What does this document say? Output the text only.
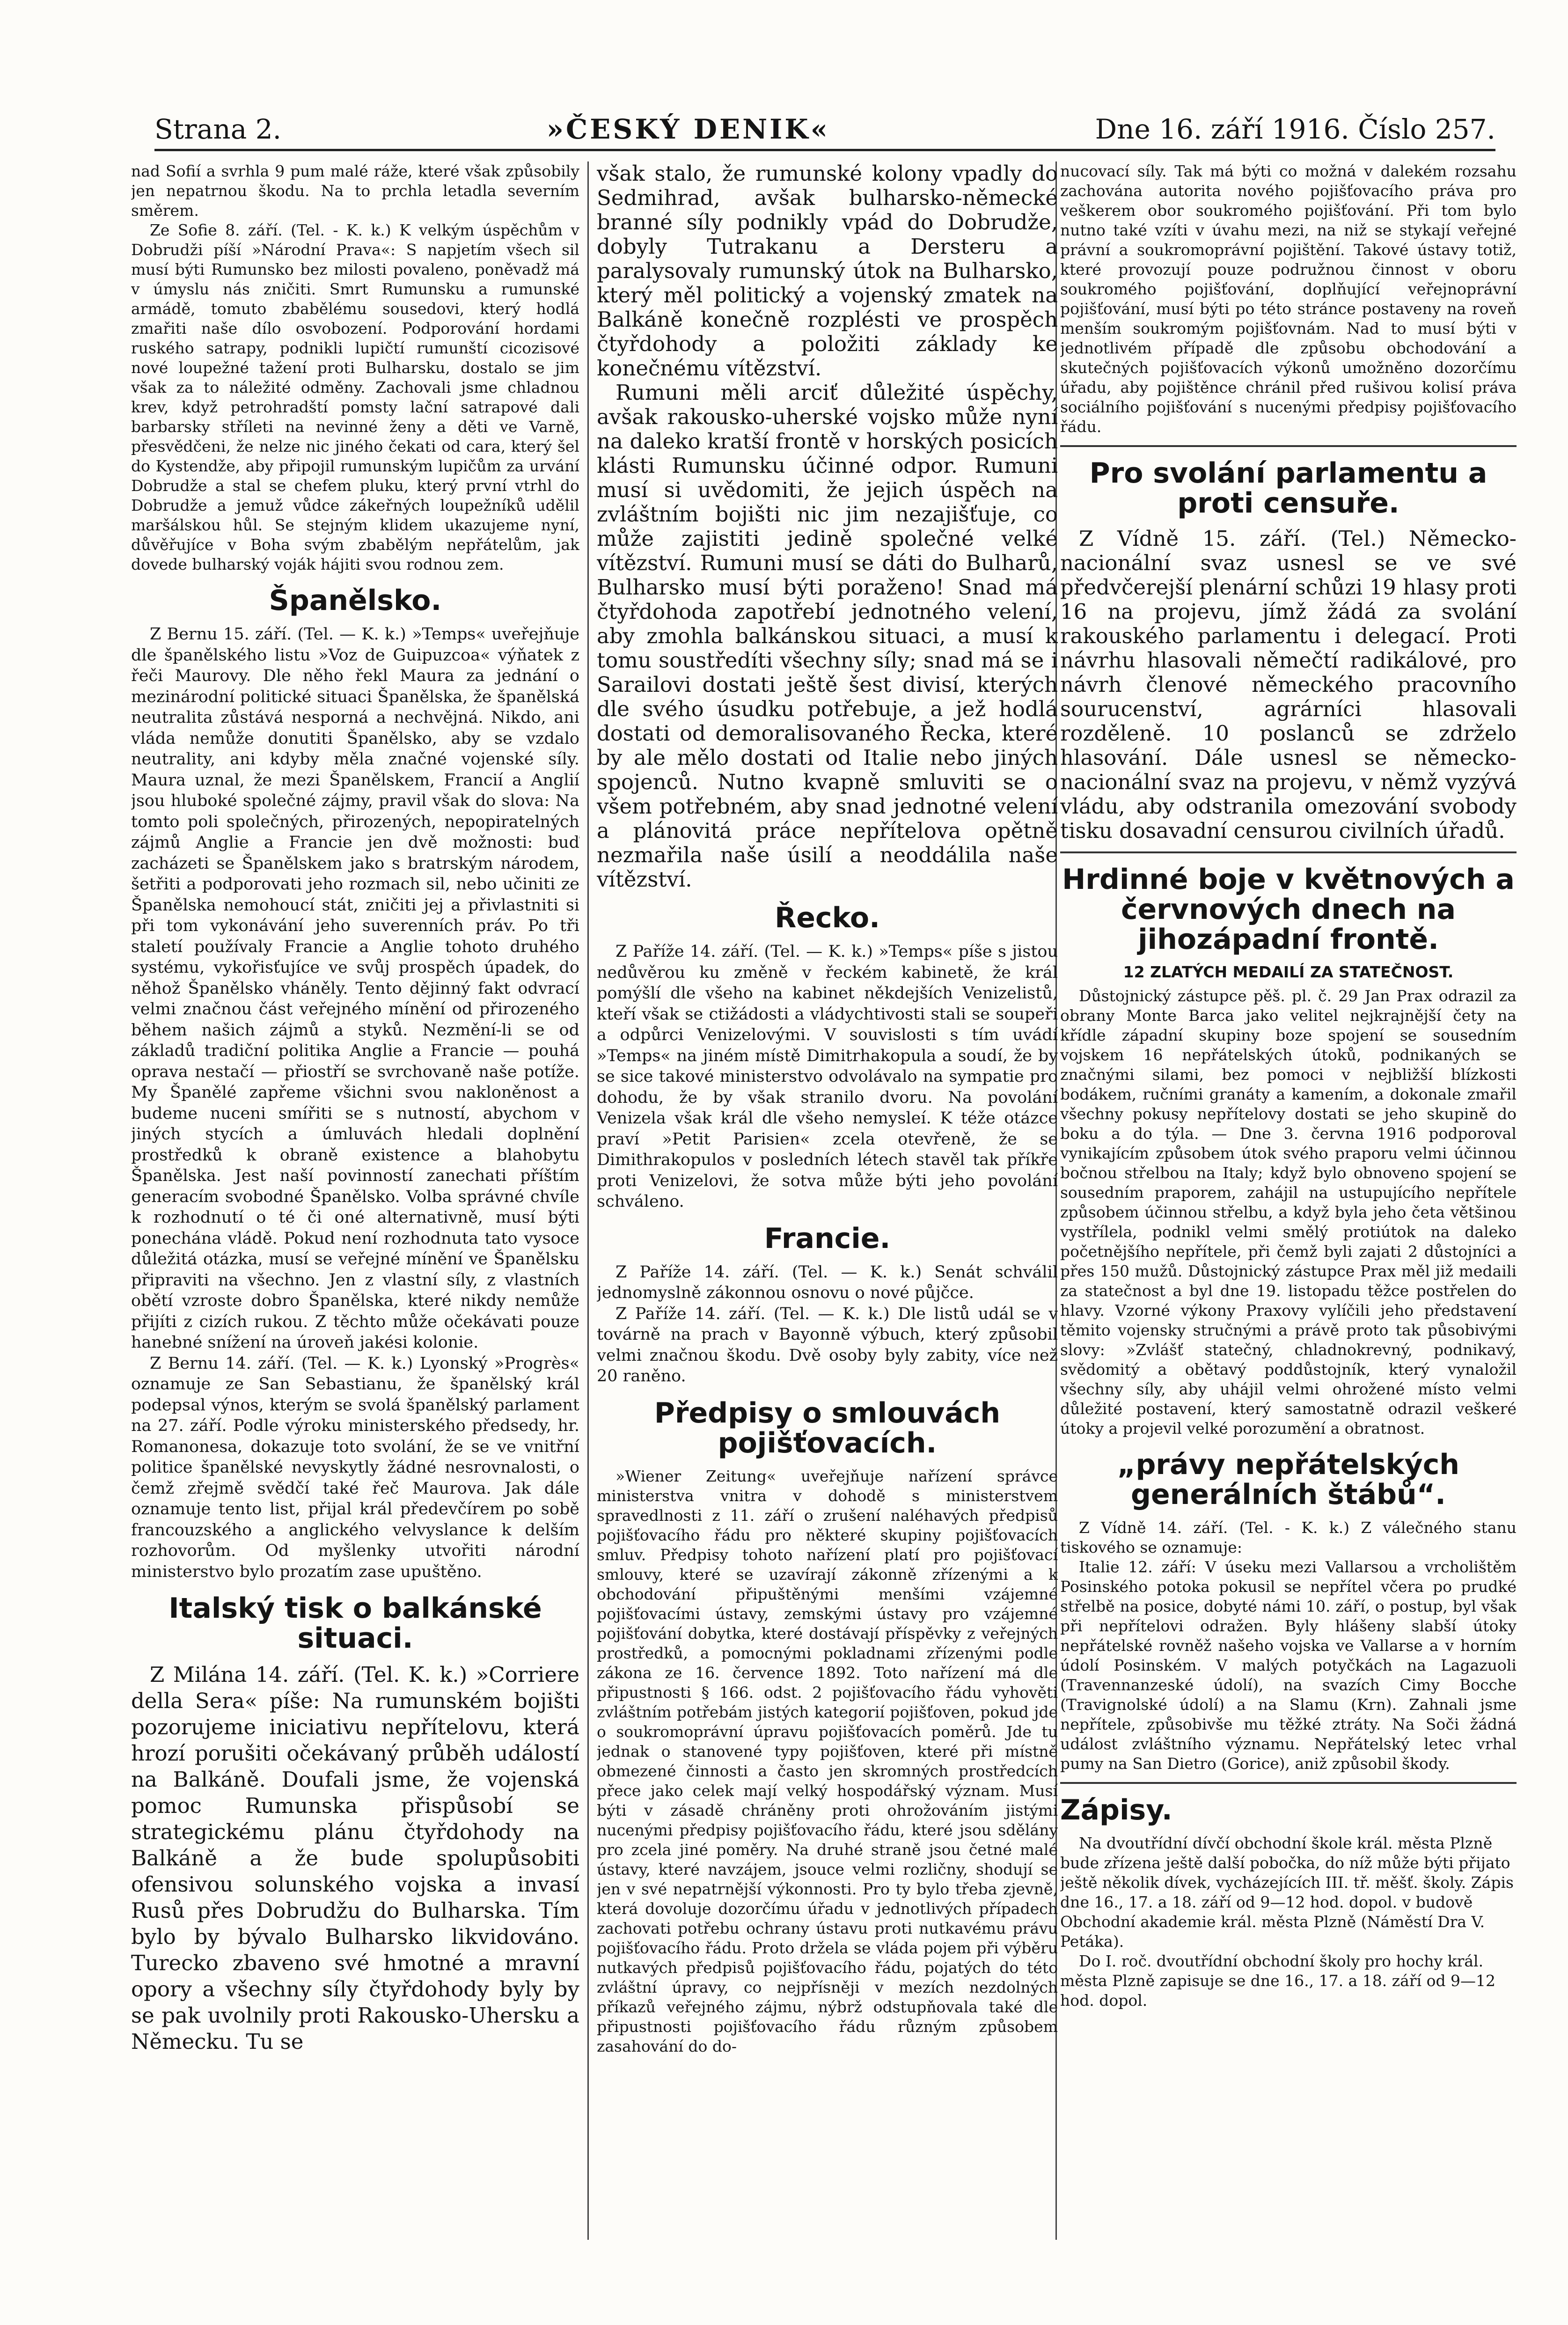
Strana 2.	»ČESKÝ DENIK«	Dne 16. září 1916. Číslo 257.

nad Sofií a svrhla 9 pum malé ráže, které však způsobily jen nepatrnou škodu. Na to prchla letadla severním směrem.

Ze Sofie 8. září. (Tel. - K. k.) K velkým úspěchům v Dobrudži píší »Národní Prava«: S napjetím všech sil musí býti Rumunsko bez milosti povaleno, poněvadž má v úmyslu nás zničiti. Smrt Rumunsku a rumunské armádě, tomuto zbabělému sousedovi, který hodlá zmařiti naše dílo osvobození. Podporování hordami ruského satrapy, podnikli lupičtí rumunští cicozisové nové loupežné tažení proti Bulharsku, dostalo se jim však za to náležité odměny. Zachovali jsme chladnou krev, když petrohradští pomsty lační satrapové dali barbarsky stříleti na nevinné ženy a děti ve Varně, přesvědčeni, že nelze nic jiného čekati od cara, který šel do Kystendže, aby připojil rumunským lupičům za urvání Dobrudže a stal se chefem pluku, který první vtrhl do Dobrudže a jemuž vůdce zákeřných loupežníků udělil maršálskou hůl. Se stejným klidem ukazujeme nyní, důvěřujíce v Boha svým zbabělým nepřátelům, jak dovede bulharský voják hájiti svou rodnou zem.

Španělsko.

Z Bernu 15. září. (Tel. — K. k.) »Temps« uveřejňuje dle španělského listu »Voz de Guipuzcoa« výňatek z řeči Maurovy. Dle něho řekl Maura za jednání o mezinárodní politické situaci Španělska, že španělská neutralita zůstává nesporná a nechvějná. Nikdo, ani vláda nemůže donutiti Španělsko, aby se vzdalo neutrality, ani kdyby měla značné vojenské síly. Maura uznal, že mezi Španělskem, Francií a Anglií jsou hluboké společné zájmy, pravil však do slova: Na tomto poli společných, přirozených, nepopiratelných zájmů Anglie a Francie jen dvě možnosti: buď zacházeti se Španělskem jako s bratrským národem, šetřiti a podporovati jeho rozmach sil, nebo učiniti ze Španělska nemohoucí stát, zničiti jej a přivlastniti si při tom vykonávání jeho suverenních práv. Po tři staletí používaly Francie a Anglie tohoto druhého systému, vykořisťujíce ve svůj prospěch úpadek, do něhož Španělsko vháněly. Tento dějinný fakt odvrací velmi značnou část veřejného mínění od přirozeného během našich zájmů a styků. Nezmění-li se od základů tradiční politika Anglie a Francie — pouhá oprava nestačí — přiostří se svrchovaně naše potíže. My Španělé zapřeme všichni svou nakloněnost a budeme nuceni smířiti se s nutností, abychom v jiných stycích a úmluvách hledali doplnění prostředků k obraně existence a blahobytu Španělska. Jest naší povinností zanechati příštím generacím svobodné Španělsko. Volba správné chvíle k rozhodnutí o té či oné alternativně, musí býti ponechána vládě. Pokud není rozhodnuta tato vysoce důležitá otázka, musí se veřejné mínění ve Španělsku připraviti na všechno. Jen z vlastní síly, z vlastních obětí vzroste dobro Španělska, které nikdy nemůže přijíti z cizích rukou. Z těchto může očekávati pouze hanebné snížení na úroveň jakési kolonie.

Z Bernu 14. září. (Tel. — K. k.) Lyonský »Progrès« oznamuje ze San Sebastianu, že španělský král podepsal výnos, kterým se svolá španělský parlament na 27. září. Podle výroku ministerského předsedy, hr. Romanonesa, dokazuje toto svolání, že se ve vnitřní politice španělské nevyskytly žádné nesrovnalosti, o čemž zřejmě svědčí také řeč Maurova. Jak dále oznamuje tento list, přijal král předevčírem po sobě francouzského a anglického velvyslance k delším rozhovorům. Od myšlenky utvořiti národní ministerstvo bylo prozatím zase upuštěno.

Italský tisk o balkánské situaci.

Z Milána 14. září. (Tel. K. k.) »Corriere della Sera« píše: Na rumunském bojišti pozorujeme iniciativu nepřítelovu, která hrozí porušiti očekávaný průběh událostí na Balkáně. Doufali jsme, že vojenská pomoc Rumunska přispůsobí se strategickému plánu čtyřdohody na Balkáně a že bude spolupůsobiti ofensivou solunského vojska a invasí Rusů přes Dobrudžu do Bulharska. Tím bylo by bývalo Bulharsko likvidováno. Turecko zbaveno své hmotné a mravní opory a všechny síly čtyřdohody byly by se pak uvolnily proti Rakousko-Uhersku a Německu. Tu se

však stalo, že rumunské kolony vpadly do Sedmihrad, avšak bulharsko-německé branné síly podnikly vpád do Dobrudže, dobyly Tutrakanu a Dersteru a paralysovaly rumunský útok na Bulharsko, který měl politický a vojenský zmatek na Balkáně konečně rozplésti ve prospěch čtyřdohody a položiti základy ke konečnému vítězství.

Rumuni měli arciť důležité úspěchy, avšak rakousko-uherské vojsko může nyní na daleko kratší frontě v horských posicích klásti Rumunsku účinné odpor. Rumuni musí si uvědomiti, že jejich úspěch na zvláštním bojišti nic jim nezajišťuje, co může zajistiti jedině společné velké vítězství. Rumuni musí se dáti do Bulharů, Bulharsko musí býti poraženo! Snad má čtyřdohoda zapotřebí jednotného velení, aby zmohla balkánskou situaci, a musí k tomu soustředíti všechny síly; snad má se i Sarailovi dostati ještě šest divisí, kterých dle svého úsudku potřebuje, a jež hodlá dostati od demoralisovaného Řecka, které by ale mělo dostati od Italie nebo jiných spojenců. Nutno kvapně smluviti se o všem potřebném, aby snad jednotné velení a plánovitá práce nepřítelova opětně nezmařila naše úsilí a neoddálila naše vítězství.

Řecko.

Z Paříže 14. září. (Tel. — K. k.) »Temps« píše s jistou nedůvěrou ku změně v řeckém kabinetě, že král pomýšlí dle všeho na kabinet někdejších Venizelistů, kteří však se ctižádosti a vládychtivosti stali se soupeři a odpůrci Venizelovými. V souvislosti s tím uvádí »Temps« na jiném místě Dimitrhakopula a soudí, že by se sice takové ministerstvo odvolávalo na sympatie pro dohodu, že by však stranilo dvoru. Na povolání Venizela však král dle všeho nemysleí. K téže otázce praví »Petit Parisien« zcela otevřeně, že se Dimithrakopulos v posledních létech stavěl tak příkře proti Venizelovi, že sotva může býti jeho povolání schváleno.

Francie.

Z Paříže 14. září. (Tel. — K. k.) Senát schválil jednomyslně zákonnou osnovu o nové půjčce.

Z Paříže 14. září. (Tel. — K. k.) Dle listů udál se v továrně na prach v Bayonně výbuch, který způsobil velmi značnou škodu. Dvě osoby byly zabity, více než 20 raněno.

Předpisy o smlouvách pojišťovacích.

»Wiener Zeitung« uveřejňuje nařízení správce ministerstva vnitra v dohodě s ministerstvem spravedlnosti z 11. září o zrušení naléhavých předpisů pojišťovacího řádu pro některé skupiny pojišťovacích smluv. Předpisy tohoto nařízení platí pro pojišťovací smlouvy, které se uzavírají zákonně zřízenými a k obchodování připuštěnými menšími vzájemné pojišťovacími ústavy, zemskými ústavy pro vzájemné pojišťování dobytka, které dostávají příspěvky z veřejných prostředků, a pomocnými pokladnami zřízenými podle zákona ze 16. července 1892. Toto nařízení má dle připustnosti § 166. odst. 2 pojišťovacího řádu vyhověti zvláštním potřebám jistých kategorií pojišťoven, pokud jde o soukromoprávní úpravu pojišťovacích poměrů. Jde tu jednak o stanovené typy pojišťoven, které při místně obmezené činnosti a často jen skromných prostředcích přece jako celek mají velký hospodářský význam. Musí býti v zásadě chráněny proti ohrožováním jistými nucenými předpisy pojišťovacího řádu, které jsou sdělány pro zcela jiné poměry. Na druhé straně jsou četné malé ústavy, které navzájem, jsouce velmi rozličny, shodují se jen v své nepatrnější výkonnosti. Pro ty bylo třeba zjevně, která dovoluje dozorčímu úřadu v jednotlivých případech zachovati potřebu ochrany ústavu proti nutkavému právu pojišťovacího řádu. Proto držela se vláda pojem při výběru nutkavých předpisů pojišťovacího řádu, pojatých do této zvláštní úpravy, co nejpřísněji v mezích nezdolných příkazů veřejného zájmu, nýbrž odstupňovala také dle připustnosti pojišťovacího řádu různým způsobem zasahování do do-

nucovací síly. Tak má býti co možná v dalekém rozsahu zachována autorita nového pojišťovacího práva pro veškerem obor soukromého pojišťování. Při tom bylo nutno také vzíti v úvahu mezi, na niž se stykají veřejné právní a soukromoprávní pojištění. Takové ústavy totiž, které provozují pouze podružnou činnost v oboru soukromého pojišťování, doplňující veřejnoprávní pojišťování, musí býti po této stránce postaveny na roveň menším soukromým pojišťovnám. Nad to musí býti v jednotlivém případě dle způsobu obchodování a skutečných pojišťovacích výkonů umožněno dozorčímu úřadu, aby pojištěnce chránil před rušivou kolisí práva sociálního pojišťování s nucenými předpisy pojišťovacího řádu.

Pro svolání parlamentu a proti censuře.

Z Vídně 15. září. (Tel.) Německo-nacionální svaz usnesl se ve své předvčerejší plenární schůzi 19 hlasy proti 16 na projevu, jímž žádá za svolání rakouského parlamentu i delegací. Proti návrhu hlasovali němečtí radikálové, pro návrh členové německého pracovního sourucenství, agrárníci hlasovali rozděleně. 10 poslanců se zdrželo hlasování. Dále usnesl se německo-nacionální svaz na projevu, v němž vyzývá vládu, aby odstranila omezování svobody tisku dosavadní censurou civilních úřadů.

Hrdinné boje v květnových a červnových dnech na jihozápadní frontě.
12 ZLATÝCH MEDAILÍ ZA STATEČNOST.

Důstojnický zástupce pěš. pl. č. 29 Jan Prax odrazil za obrany Monte Barca jako velitel nejkrajnější čety na křídle západní skupiny boze spojení se sousedním vojskem 16 nepřátelských útoků, podnikaných se značnými silami, bez pomoci v nejbližší blízkosti bodákem, ručními granáty a kamením, a dokonale zmařil všechny pokusy nepřítelovy dostati se jeho skupině do boku a do týla. — Dne 3. června 1916 podporoval vynikajícím způsobem útok svého praporu velmi účinnou bočnou střelbou na Italy; když bylo obnoveno spojení se sousedním praporem, zahájil na ustupujícího nepřítele způsobem účinnou střelbu, a když byla jeho četa většinou vystřílela, podnikl velmi smělý protiútok na daleko početnějšího nepřítele, při čemž byli zajati 2 důstojníci a přes 150 mužů. Důstojnický zástupce Prax měl již medaili za statečnost a byl dne 19. listopadu těžce postřelen do hlavy. Vzorné výkony Praxovy vylíčili jeho představení těmito vojensky stručnými a právě proto tak působivými slovy: »Zvlášť statečný, chladnokrevný, podnikavý, svědomitý a obětavý poddůstojník, který vynaložil všechny síly, aby uhájil velmi ohrožené místo velmi důležité postavení, který samostatně odrazil veškeré útoky a projevil velké porozumění a obratnost.

„právy nepřátelských generálních štábů“.

Z Vídně 14. září. (Tel. - K. k.) Z válečného stanu tiskového se oznamuje:

Italie 12. září: V úseku mezi Vallarsou a vrcholištěm Posinského potoka pokusil se nepřítel včera po prudké střelbě na posice, dobyté námi 10. září, o postup, byl však při nepřítelovi odražen. Byly hlášeny slabší útoky nepřátelské rovněž našeho vojska ve Vallarse a v horním údolí Posinském. V malých potyčkách na Lagazuoli (Travennanzeské údolí), na svazích Cimy Bocche (Travignolské údolí) a na Slamu (Krn). Zahnali jsme nepřítele, způsobivše mu těžké ztráty. Na Soči žádná událost zvláštního významu. Nepřátelský letec vrhal pumy na San Dietro (Gorice), aniž způsobil škody.

Zápisy.

Na dvoutřídní dívčí obchodní škole král. města Plzně bude zřízena ještě další pobočka, do níž může býti přijato ještě několik dívek, vycházejících III. tř. měšť. školy. Zápis dne 16., 17. a 18. září od 9—12 hod. dopol. v budově Obchodní akademie král. města Plzně (Náměstí Dra V. Petáka).

Do I. roč. dvoutřídní obchodní školy pro hochy král. města Plzně zapisuje se dne 16., 17. a 18. září od 9—12 hod. dopol.
